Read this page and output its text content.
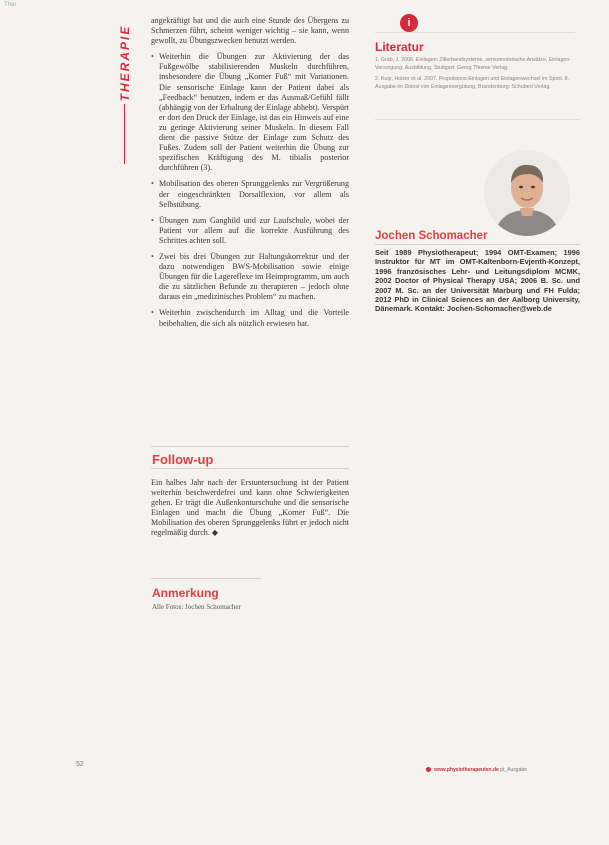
Ther
THERAPIE

angekräftigt hat und die auch eine Stunde des Übergens zu Schmerzen führt, scheint weniger wichtig – sie kann, wenn gewollt, zu Übungszwecken benutzt werden.

• Weiterhin die Übungen zur Aktivierung der das Fußgewölbe stabilisierenden Muskeln durchführen, insbesondere die Übung „Korner Fuß“ mit Variationen. Die sensorische Einlage kann der Patient dabei als „Feedback“ benutzen, indem er das Ausmaß/Gefühl fällt (abhängig von der Erhaltung der Einlage abhebt). Verspürt er dort den Druck der Einlage, ist das ein Hinweis auf eine zu geringe Aktivierung seiner Muskeln. In diesem Fall dient die passive Stütze der Einlage zum Schutz des Fußes. Zudem soll der Patient weiterhin die Übung zur spezifischen Kräftigung des M. tibialis posterior durchführen (3).
• Mobilisation des oberen Sprunggelenks zur Vergrößerung der eingeschränkten Dorsalflexion, vor allem als Selbstübung.
• Übungen zum Ganghild und zur Laufschule, wobei der Patient vor allem auf die korrekte Ausführung des Schrittes achten soll.
• Zwei bis drei Übungen zur Haltungskorrektur und der dazu notwendigen BWS-Mobilisation sowie einige Übungen für die Lagereflexe im Heimprogramm, um auch die zu sätzlichen Befunde zu therapieren – jedoch ohne daraus ein „medizinisches Problem“ zu machen.
• Weiterhin zwischendurch im Alltag und die Vorteile beibehalten, die sich als nützlich erwiesen hat.
Follow-up
Ein halbes Jahr nach der Erstuntersuchung ist der Patient weiterhin beschwerdefrei und kann ohne Schwierigkeiten gehen. Er trägt die Außenkonturschuhe und die sensorische Einlagen und macht die Übung „Korner Fuß“. Die Mobilisation des oberen Sprunggelenks führt er jedoch nicht regelmäßig durch. ◆
Anmerkung
Alle Fotos: Jochen Schomacher
i
Literatur
1. Gräb, J. 2006. Einlagen: Zillerbandsysteme, sensomotorische Ansätze, Einlagen-Versorgung. Ausbildung, Stuttgart: Georg Thieme Verlag.
2. Kuip, Holzer et al. 2007. Propulsions-Einlagen und Einlagenwechsel im Sport. 8. Ausgabe im Dienst von Einlagenvergütung, Brandenburg: Schubert Verlag.
Jochen Schomacher
Seit 1989 Physiotherapeut; 1994 OMT-Examen; 1996 Instruktor für MT im OMT-Kaltenborn-Evjenth-Konzept, 1996 französisches Lehr- und Leitungsdiplom MCMK, 2002 Doctor of Physical Therapy USA; 2006 B. Sc. und 2007 M. Sc. an der Universität Marburg und FH Fulda; 2012 PhD in Clinical Sciences an der Aalborg University, Dänemark. Kontakt: Jochen-Schomacher@web.de
52
www.physiotherapeuten.de pt_Ausgabe
